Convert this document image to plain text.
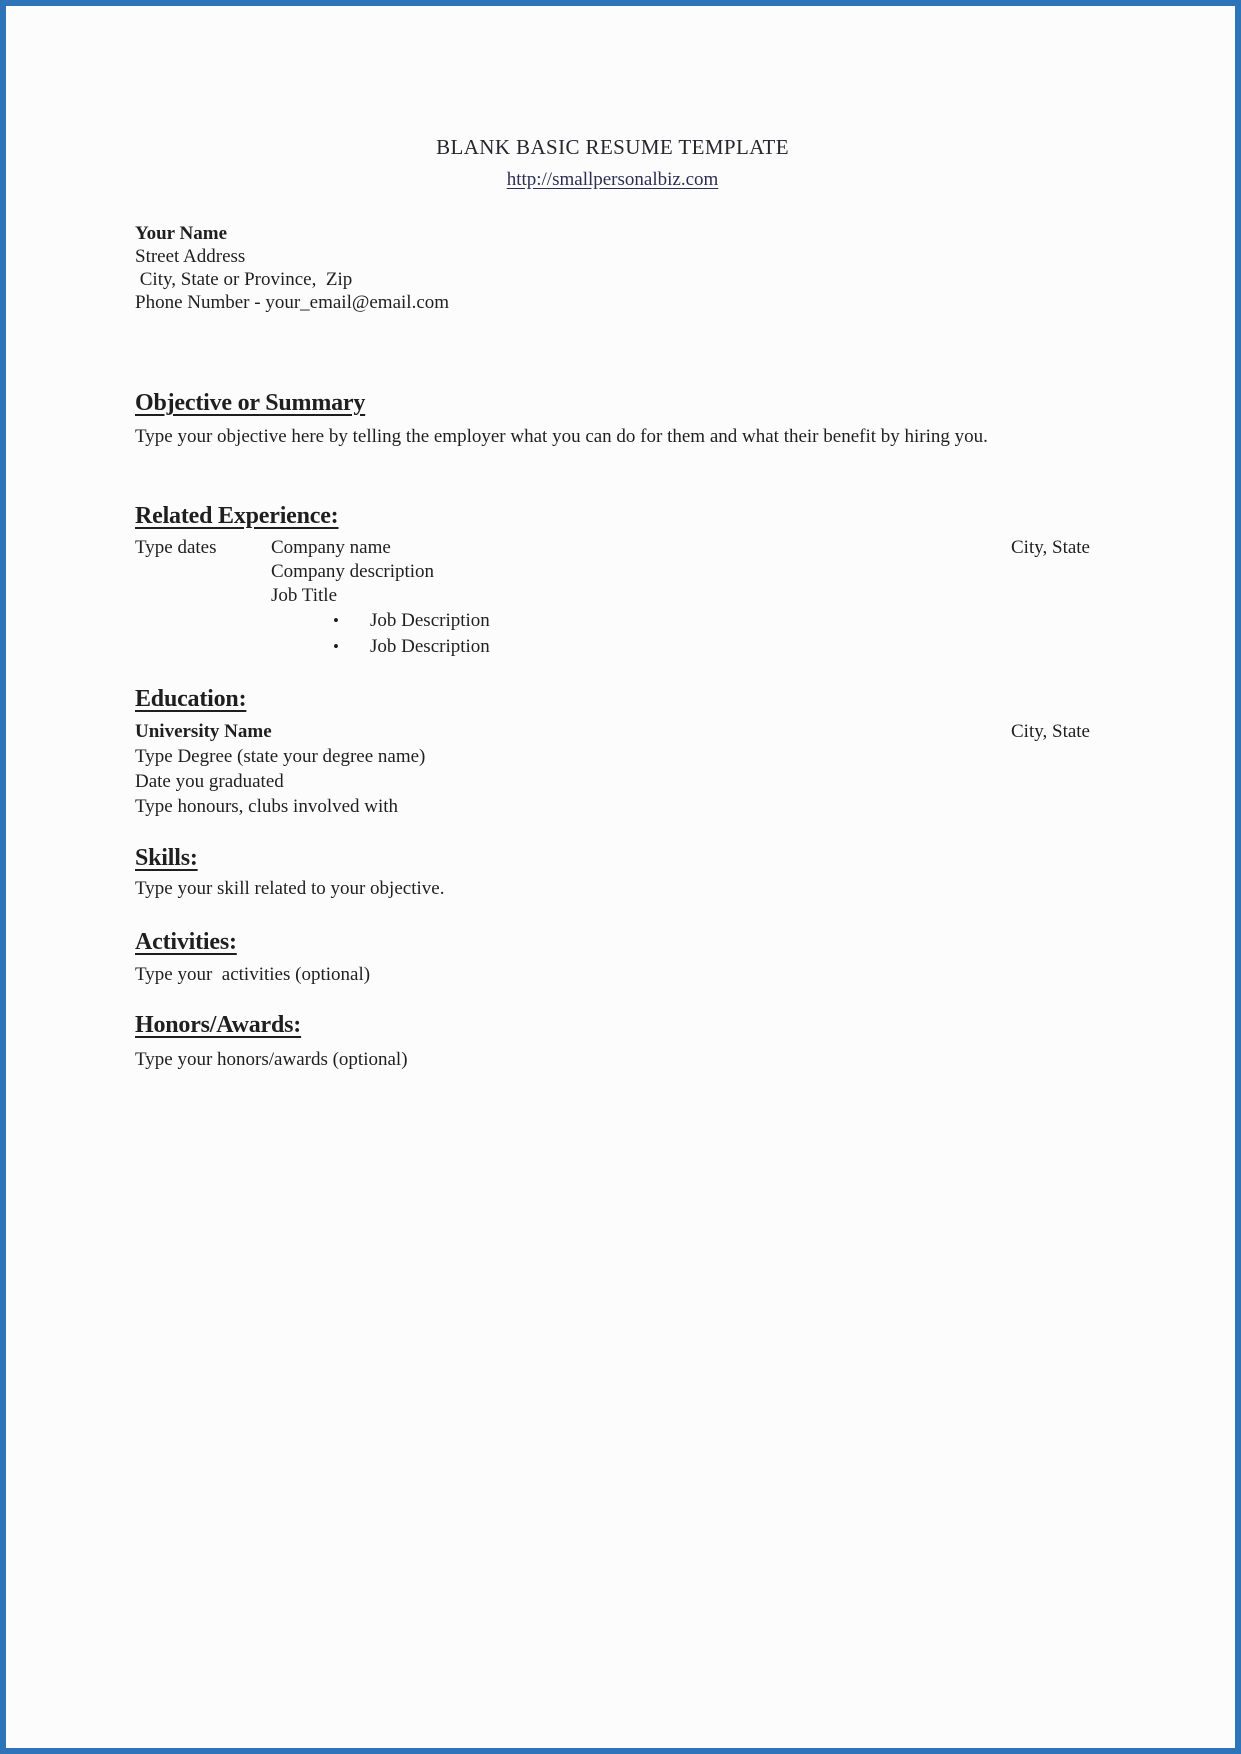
BLANK BASIC RESUME TEMPLATE
http://smallpersonalbiz.com
Your Name
Street Address
City, State or Province,  Zip
Phone Number - your_email@email.com
Objective or Summary
Type your objective here by telling the employer what you can do for them and what their benefit by hiring you.
Related Experience:
Type dates	Company name	City, State
Company description
Job Title
•	Job Description
•	Job Description
Education:
University Name	City, State
Type Degree (state your degree name)
Date you graduated
Type honours, clubs involved with
Skills:
Type your skill related to your objective.
Activities:
Type your  activities (optional)
Honors/Awards:
Type your honors/awards (optional)
